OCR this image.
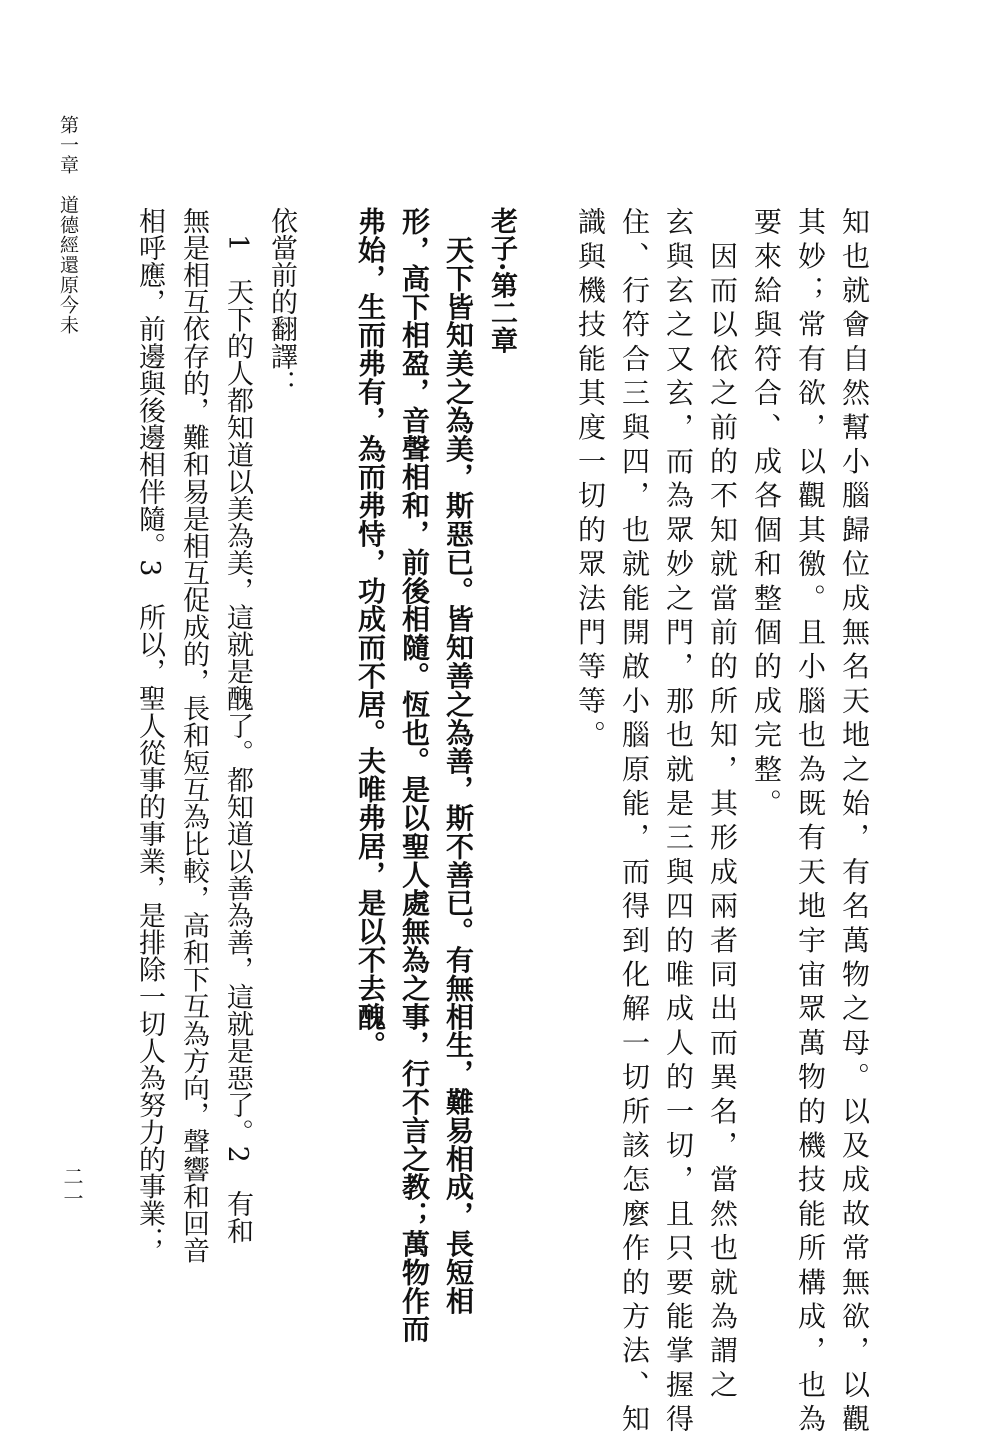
第一章　道德經還原今未

二一	知也就會自然幫小腦歸位成無名天地之始，有名萬物之母。以及成故常無欲，以觀

其妙；常有欲，以觀其徼。且小腦也為既有天地宇宙眾萬物的機技能所構成，也為

要來給與符合、成各個和整個的成完整。

　因而以依之前的不知就當前的所知，其形成兩者同出而異名，當然也就為謂之

玄與玄之又玄，而為眾妙之門，那也就是三與四的唯成人的一切，且只要能掌握得

住、行符合三與四，也就能開啟小腦原能，而得到化解一切所該怎麼作的方法、知

識與機技能其度一切的眾法門等等。

老子·第二章

　天下皆知美之為美，斯惡已。皆知善之為善，斯不善已。有無相生，難易相成，長短相

形，高下相盈，音聲相和，前後相隨。恆也。是以聖人處無為之事，行不言之教；萬物作而

弗始，生而弗有，為而弗恃，功成而不居。夫唯弗居，是以不去醜。

依當前的翻譯：

　1　天下的人都知道以美為美，這就是醜了。都知道以善為善，這就是惡了。2　有和

無是相互依存的，難和易是相互促成的，長和短互為比較，高和下互為方向，聲響和回音

相呼應，前邊與後邊相伴隨。3　所以，聖人從事的事業，是排除一切人為努力的事業；
